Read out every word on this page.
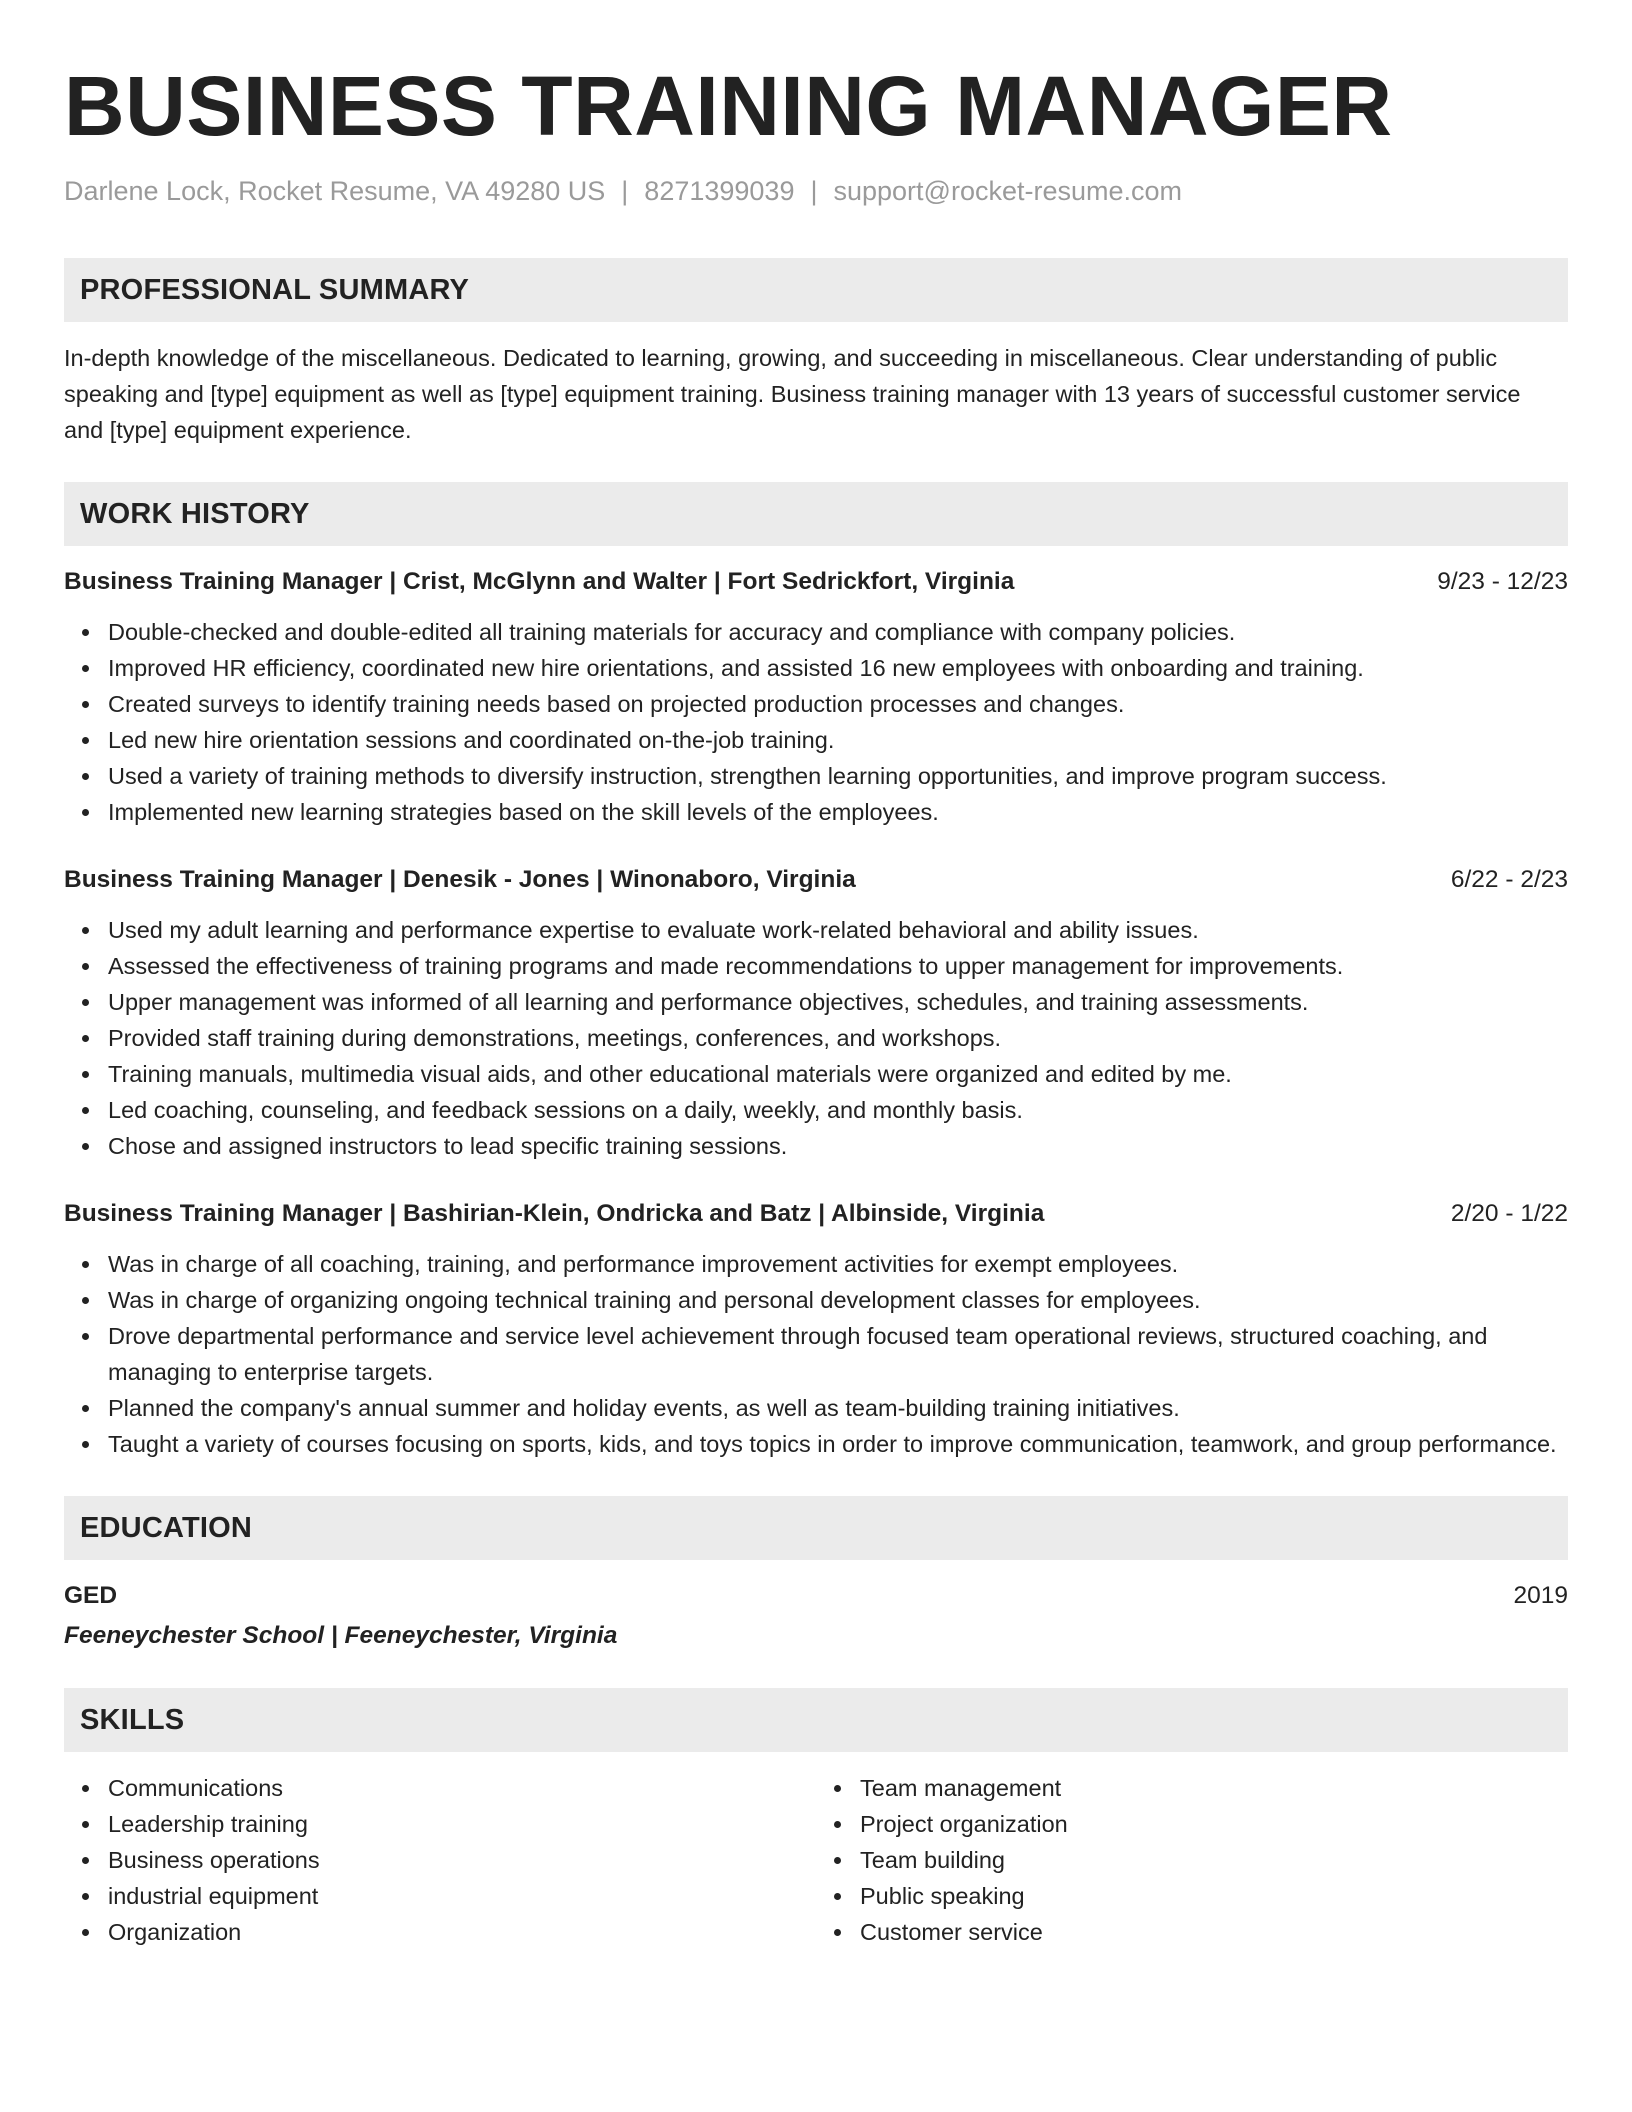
BUSINESS TRAINING MANAGER
Darlene Lock, Rocket Resume, VA 49280 US | 8271399039 | support@rocket-resume.com
PROFESSIONAL SUMMARY
In-depth knowledge of the miscellaneous. Dedicated to learning, growing, and succeeding in miscellaneous. Clear understanding of public speaking and [type] equipment as well as [type] equipment training. Business training manager with 13 years of successful customer service and [type] equipment experience.
WORK HISTORY
Business Training Manager | Crist, McGlynn and Walter | Fort Sedrickfort, Virginia	9/23 - 12/23
Double-checked and double-edited all training materials for accuracy and compliance with company policies.
Improved HR efficiency, coordinated new hire orientations, and assisted 16 new employees with onboarding and training.
Created surveys to identify training needs based on projected production processes and changes.
Led new hire orientation sessions and coordinated on-the-job training.
Used a variety of training methods to diversify instruction, strengthen learning opportunities, and improve program success.
Implemented new learning strategies based on the skill levels of the employees.
Business Training Manager | Denesik - Jones | Winonaboro, Virginia	6/22 - 2/23
Used my adult learning and performance expertise to evaluate work-related behavioral and ability issues.
Assessed the effectiveness of training programs and made recommendations to upper management for improvements.
Upper management was informed of all learning and performance objectives, schedules, and training assessments.
Provided staff training during demonstrations, meetings, conferences, and workshops.
Training manuals, multimedia visual aids, and other educational materials were organized and edited by me.
Led coaching, counseling, and feedback sessions on a daily, weekly, and monthly basis.
Chose and assigned instructors to lead specific training sessions.
Business Training Manager | Bashirian-Klein, Ondricka and Batz | Albinside, Virginia	2/20 - 1/22
Was in charge of all coaching, training, and performance improvement activities for exempt employees.
Was in charge of organizing ongoing technical training and personal development classes for employees.
Drove departmental performance and service level achievement through focused team operational reviews, structured coaching, and managing to enterprise targets.
Planned the company's annual summer and holiday events, as well as team-building training initiatives.
Taught a variety of courses focusing on sports, kids, and toys topics in order to improve communication, teamwork, and group performance.
EDUCATION
GED	2019
Feeneychester School | Feeneychester, Virginia
SKILLS
Communications
Leadership training
Business operations
industrial equipment
Organization
Team management
Project organization
Team building
Public speaking
Customer service
